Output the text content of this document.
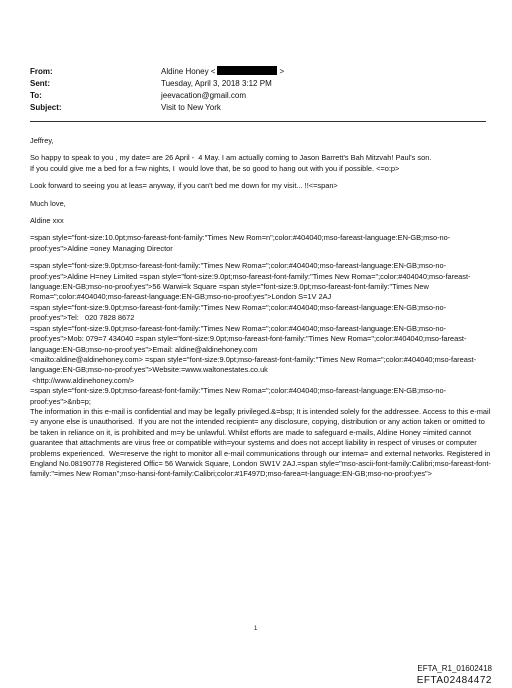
From:	Aldine Honey <	>
Sent:	Tuesday, April 3, 2018 3:12 PM
To:	jeevacation@gmail.com
Subject:	Visit to New York

Jeffrey,

So happy to speak to you , my date= are 26 April -  4 May. I am actually coming to Jason Barrett's Bah Mitzvah! Paul's son.
If you could give me a bed for a f=w nights, I  would love that, be so good to hang out with you if possible. <=o:p>

Look forward to seeing you at leas= anyway, if you can't bed me down for my visit... !!<=span>

Much love,

Aldine xxx

=span style="font-size:10.0pt;mso-fareast-font-family:"Times New Rom=n";color:#404040;mso-fareast-language:EN-GB;mso-no-proof:yes">Aldine =oney Managing Director

=span style="font-size:9.0pt;mso-fareast-font-family:"Times New Roma=";color:#404040;mso-fareast-language:EN-GB;mso-no-proof:yes">Aldine H=ney Limited =span style="font-size:9.0pt;mso-fareast-font-family:"Times New Roma=";color:#404040;mso-fareast-language:EN-GB;mso-no-proof:yes">56 Warwi=k Square =span style="font-size:9.0pt;mso-fareast-font-family:"Times New Roma=";color:#404040;mso-fareast-language:EN-GB;mso-no-proof:yes">London S=1V 2AJ
=span style="font-size:9.0pt;mso-fareast-font-family:"Times New Roma=";color:#404040;mso-fareast-language:EN-GB;mso-no-proof:yes">Tel:   020 7828 8672
=span style="font-size:9.0pt;mso-fareast-font-family:"Times New Roma=";color:#404040;mso-fareast-language:EN-GB;mso-no-proof:yes">Mob: 079=7 434040 =span style="font-size:9.0pt;mso-fareast-font-family:"Times New Roma=";color:#404040;mso-fareast-language:EN-GB;mso-no-proof:yes">Email: aldine@aldinehoney.com
<mailto:aldine@aldinehoney.com> =span style="font-size:9.0pt;mso-fareast-font-family:"Times New Roma=";color:#404040;mso-fareast-language:EN-GB;mso-no-proof:yes">Website:=www.waltonestates.co.uk
<http://www.aldinehoney.com/>
=span style="font-size:9.0pt;mso-fareast-font-family:"Times New Roma=";color:#404040;mso-fareast-language:EN-GB;mso-no-proof:yes">&nb=p;
The information in this e-mail is confidential and may be legally privileged.&=bsp; It is intended solely for the addressee. Access to this e-mail =y anyone else is unauthorised.  If you are not the intended recipient= any disclosure, copying, distribution or any action taken or omitted to be taken in reliance on it, is prohibited and m=y be unlawful. Whilst efforts are made to safeguard e-mails, Aldine Honey =imited cannot guarantee that attachments are virus free or compatible with=your systems and does not accept liability in respect of viruses or computer problems experienced.  We=reserve the right to monitor all e-mail communications through our interna= and external networks. Registered in England No.08190778 Registered Offic= 56 Warwick Square, London SW1V 2AJ.=span style="mso-ascii-font-family:Calibri;mso-fareast-font-family:"=imes New Roman";mso-hansi-font-family:Calibri;color:#1F497D;mso-farea=t-language:EN-GB;mso-no-proof:yes">

1
EFTA_R1_01602418
EFTA02484472
